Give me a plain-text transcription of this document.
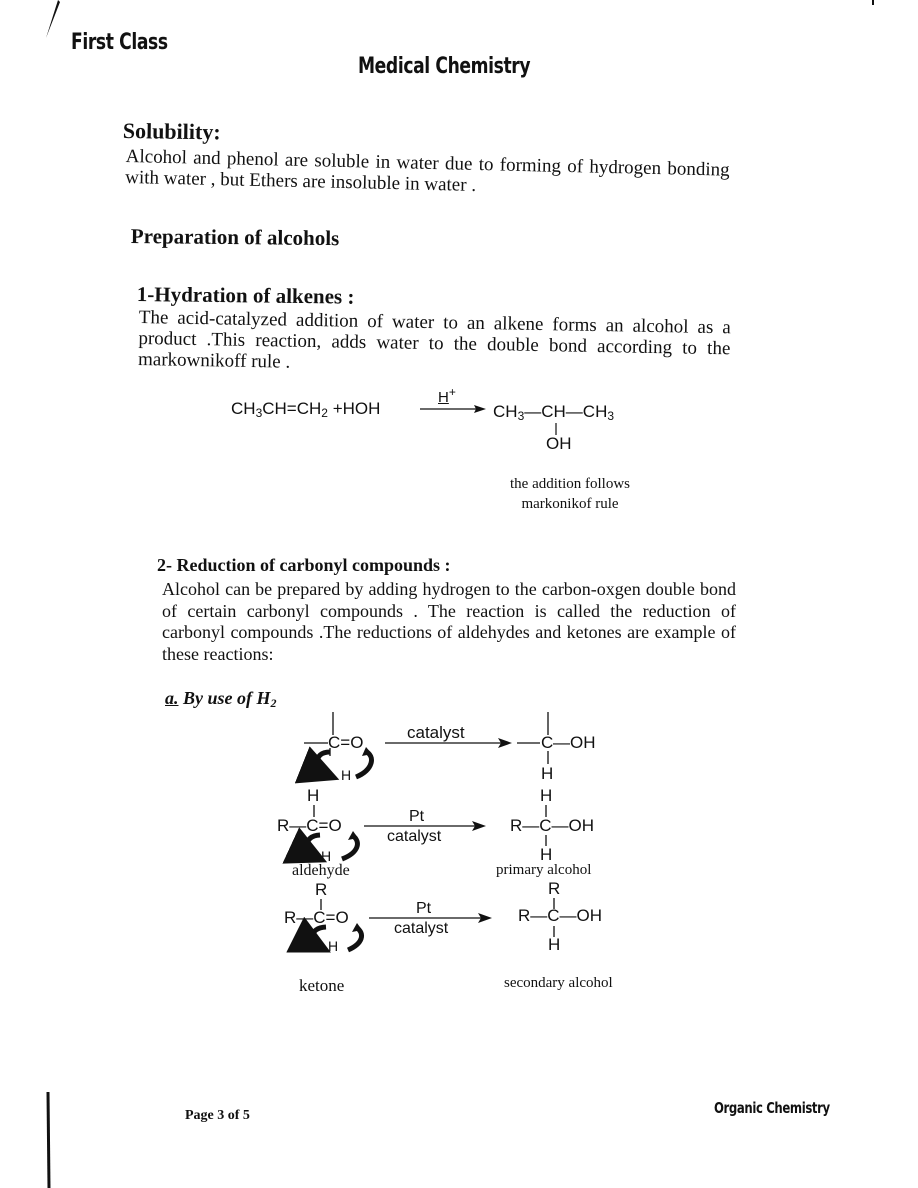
First Class
Medical Chemistry
Solubility:
Alcohol and phenol are soluble in water due to forming of hydrogen bonding with water , but Ethers are insoluble in water .
Preparation of alcohols
1-Hydration of alkenes :
The acid-catalyzed addition of water to an alkene forms an alcohol as a product .This reaction, adds water to the double bond according to the markownikoff rule .
$CH_3CH=CH_2 +HOH$
H+
$CH_3—CH—CH_3$
OH
the addition follows
markonikof rule
2- Reduction of carbonyl compounds :
Alcohol can be prepared by adding hydrogen to the carbon-oxgen double bond of certain carbonyl compounds . The reaction is called the reduction of carbonyl compounds .The reductions of aldehydes and ketones are example of these reactions:
a. By use of $H_2$
C=O
H
catalyst
C —OH
H
H
R—C=O
H
Pt
catalyst
aldehyde
H
R—C—OH
H
primary alcohol
R
R—C=O
H
Pt
catalyst
ketone
R
R—C—OH
H
secondary alcohol
Page 3 of 5	Organic Chemistry
